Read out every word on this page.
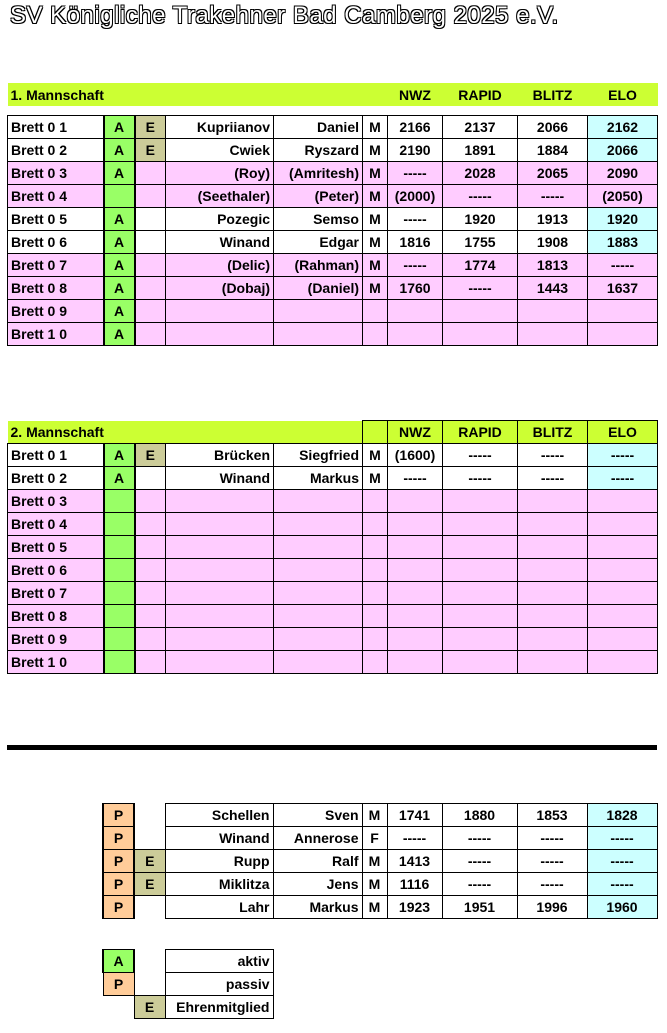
SV Königliche Trakehner Bad Camberg 2025 e.V.
1. Mannschaft						NWZ	RAPID	BLITZ	ELO

Brett 0 1	A	E	Kupriianov	Daniel	M	2166	2137	2066	2162
Brett 0 2	A	E	Cwiek	Ryszard	M	2190	1891	1884	2066
Brett 0 3	A		(Roy)	(Amritesh)	M	-----	2028	2065	2090
Brett 0 4			(Seethaler)	(Peter)	M	(2000)	-----	-----	(2050)
Brett 0 5	A		Pozegic	Semso	M	-----	1920	1913	1920
Brett 0 6	A		Winand	Edgar	M	1816	1755	1908	1883
Brett 0 7	A		(Delic)	(Rahman)	M	-----	1774	1813	-----
Brett 0 8	A		(Dobaj)	(Daniel)	M	1760	-----	1443	1637
Brett 0 9	A								
Brett 1 0	A								
2. Mannschaft						NWZ	RAPID	BLITZ	ELO
Brett 0 1	A	E	Brücken	Siegfried	M	(1600)	-----	-----	-----
Brett 0 2	A		Winand	Markus	M	-----	-----	-----	-----
Brett 0 3									
Brett 0 4									
Brett 0 5									
Brett 0 6									
Brett 0 7									
Brett 0 8									
Brett 0 9									
Brett 1 0									
	P		Schellen	Sven	M	1741	1880	1853	1828
	P		Winand	Annerose	F	-----	-----	-----	-----
	P	E	Rupp	Ralf	M	1413	-----	-----	-----
	P	E	Miklitza	Jens	M	1116	-----	-----	-----
	P		Lahr	Markus	M	1923	1951	1996	1960
	A		aktiv
	P		passiv
		E	Ehrenmitglied
